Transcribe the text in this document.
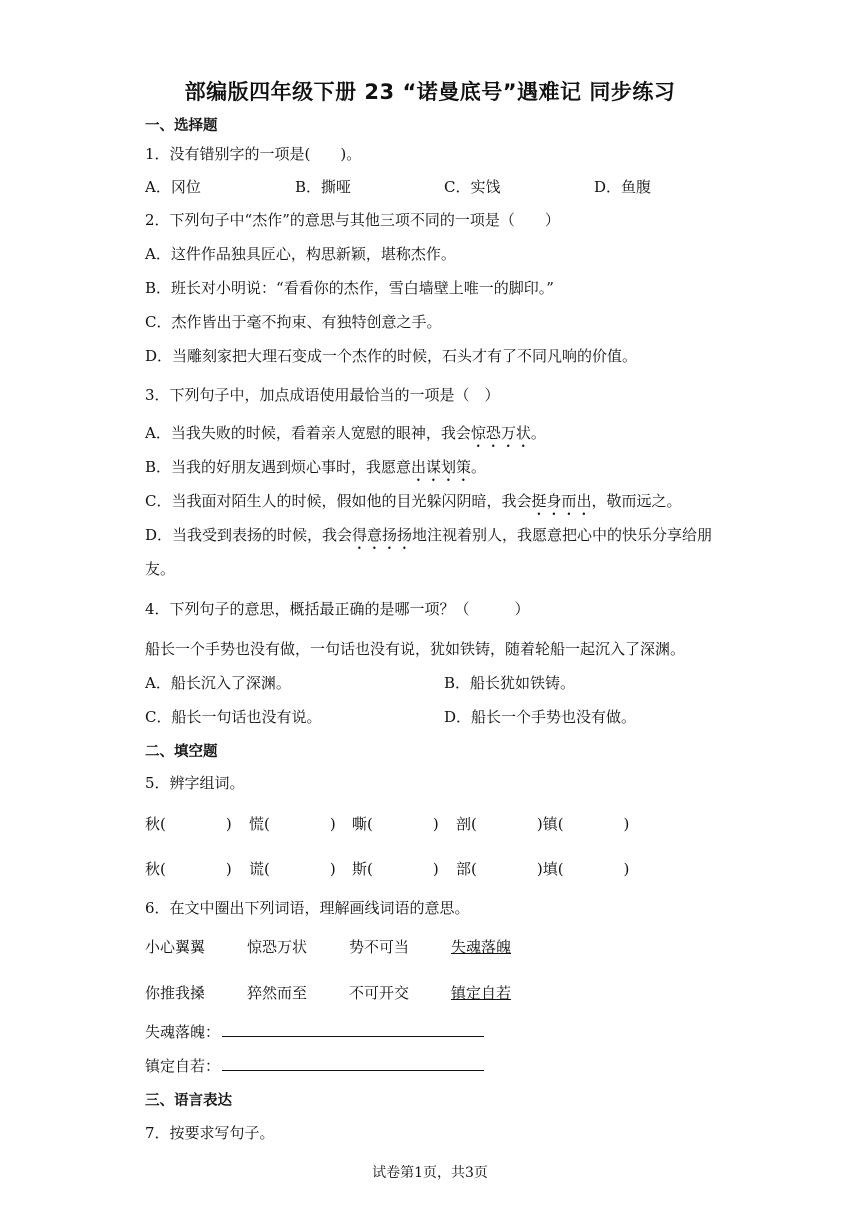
部编版四年级下册 23 “诺曼底号”遇难记 同步练习
一、选择题
1．没有错别字的一项是(　　)。
A．冈位	B．撕哑	C．实饯	D．鱼腹
2．下列句子中“杰作”的意思与其他三项不同的一项是（　　）
A．这件作品独具匠心，构思新颖，堪称杰作。
B．班长对小明说：“看看你的杰作，雪白墙壁上唯一的脚印。”
C．杰作皆出于毫不拘束、有独特创意之手。
D．当雕刻家把大理石变成一个杰作的时候，石头才有了不同凡响的价值。
3．下列句子中，加点成语使用最恰当的一项是（　）
A．当我失败的时候，看着亲人宽慰的眼神，我会惊恐万状。
B．当我的好朋友遇到烦心事时，我愿意出谋划策。
C．当我面对陌生人的时候，假如他的目光躲闪阴暗，我会挺身而出，敬而远之。
D．当我受到表扬的时候，我会得意扬扬地注视着别人，我愿意把心中的快乐分享给朋
友。
4．下列句子的意思，概括最正确的是哪一项？（　　　）
船长一个手势也没有做，一句话也没有说，犹如铁铸，随着轮船一起沉入了深渊。
A．船长沉入了深渊。	B．船长犹如铁铸。
C．船长一句话也没有说。	D．船长一个手势也没有做。
二、填空题
5．辨字组词。
秋(　　　　) 慌(　　　　) 嘶(　　　　) 剖(　　　　)镇(　　　　)
秋(　　　　) 谎(　　　　) 斯(　　　　) 部(　　　　)填(　　　　)
6．在文中圈出下列词语，理解画线词语的意思。
小心翼翼	惊恐万状	势不可当	失魂落魄
你推我搡	猝然而至	不可开交	镇定自若
失魂落魄：
镇定自若：
三、语言表达
7．按要求写句子。
试卷第1页，共3页
